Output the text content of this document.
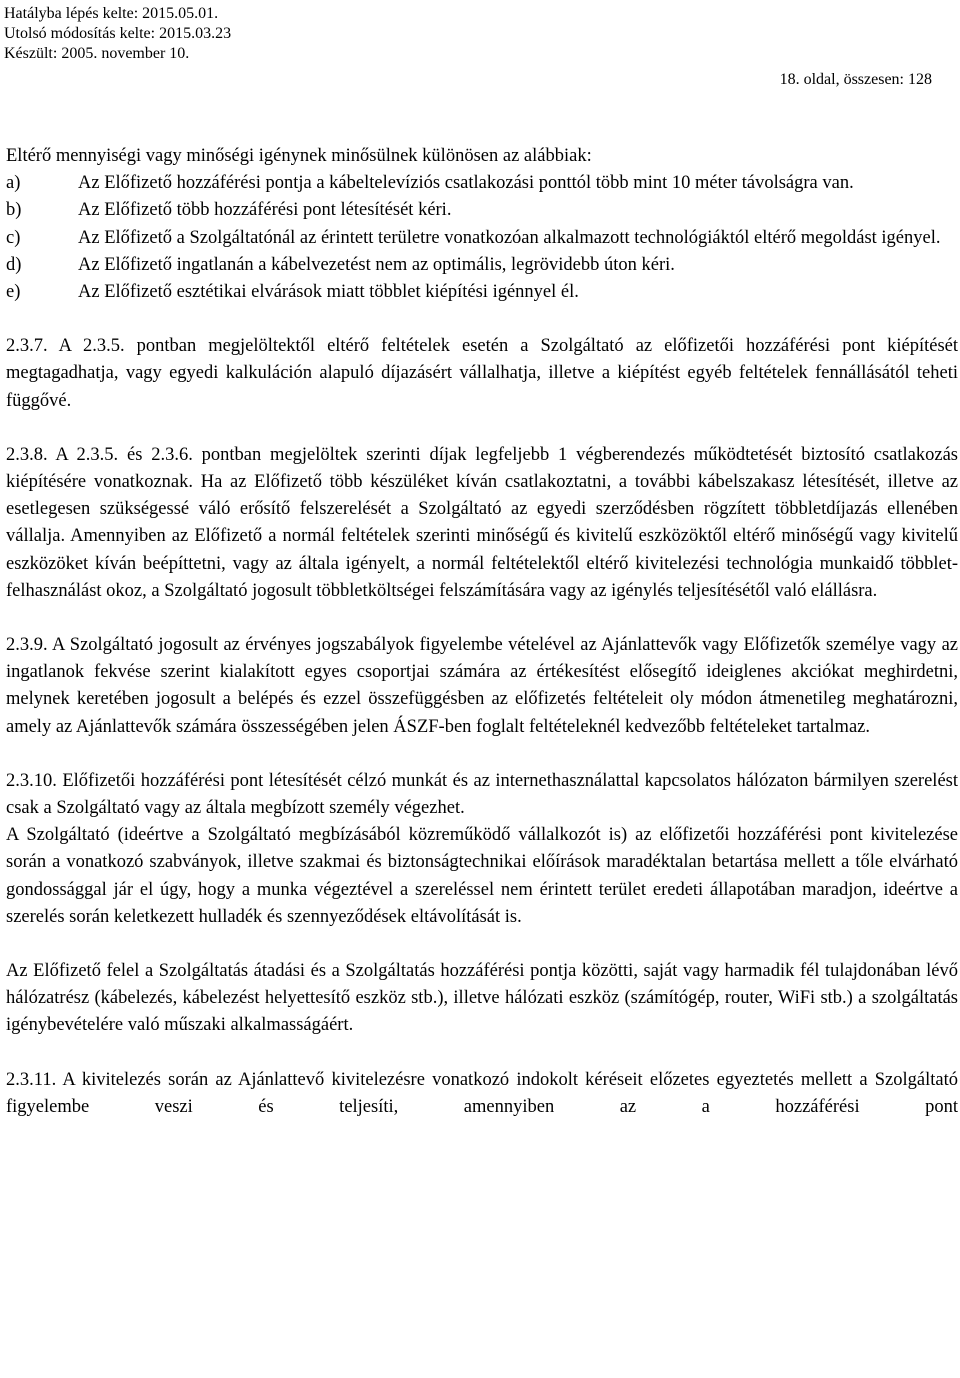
Hatályba lépés kelte: 2015.05.01.
Utolsó módosítás kelte: 2015.03.23
Készült: 2005. november 10.
18. oldal, összesen: 128

Eltérő mennyiségi vagy minőségi igénynek minősülnek különösen az alábbiak:

a)	Az Előfizető hozzáférési pontja a kábeltelevíziós csatlakozási ponttól több mint 10 méter távolságra van.
b)	Az Előfizető több hozzáférési pont létesítését kéri.
c)	Az Előfizető a Szolgáltatónál az érintett területre vonatkozóan alkalmazott technológiáktól eltérő megoldást igényel.
d)	Az Előfizető ingatlanán a kábelvezetést nem az optimális, legrövidebb úton kéri.
e)	Az Előfizető esztétikai elvárások miatt többlet kiépítési igénnyel él.

2.3.7. A 2.3.5. pontban megjelöltektől eltérő feltételek esetén a Szolgáltató az előfizetői hozzáférési pont kiépítését megtagadhatja, vagy egyedi kalkuláción alapuló díjazásért vállalhatja, illetve a kiépítést egyéb feltételek fennállásától teheti függővé.

2.3.8. A 2.3.5. és 2.3.6. pontban megjelöltek szerinti díjak legfeljebb 1 végberendezés működtetését biztosító csatlakozás kiépítésére vonatkoznak. Ha az Előfizető több készüléket kíván csatlakoztatni, a további kábelszakasz létesítését, illetve az esetlegesen szükségessé váló erősítő felszerelését a Szolgáltató az egyedi szerződésben rögzített többletdíjazás ellenében vállalja. Amennyiben az Előfizető a normál feltételek szerinti minőségű és kivitelű eszközöktől eltérő minőségű vagy kivitelű eszközöket kíván beépíttetni, vagy az általa igényelt, a normál feltételektől eltérő kivitelezési technológia munkaidő többlet-felhasználást okoz, a Szolgáltató jogosult többletköltségei felszámítására vagy az igénylés teljesítésétől való elállásra.

2.3.9. A Szolgáltató jogosult az érvényes jogszabályok figyelembe vételével az Ajánlattevők vagy Előfizetők személye vagy az ingatlanok fekvése szerint kialakított egyes csoportjai számára az értékesítést elősegítő ideiglenes akciókat meghirdetni, melynek keretében jogosult a belépés és ezzel összefüggésben az előfizetés feltételeit oly módon átmenetileg meghatározni, amely az Ajánlattevők számára összességében jelen ÁSZF-ben foglalt feltételeknél kedvezőbb feltételeket tartalmaz.

2.3.10. Előfizetői hozzáférési pont létesítését célzó munkát és az internethasználattal kapcsolatos hálózaton bármilyen szerelést csak a Szolgáltató vagy az általa megbízott személy végezhet.

A Szolgáltató (ideértve a Szolgáltató megbízásából közreműködő vállalkozót is) az előfizetői hozzáférési pont kivitelezése során a vonatkozó szabványok, illetve szakmai és biztonságtechnikai előírások maradéktalan betartása mellett a tőle elvárható gondossággal jár el úgy, hogy a munka végeztével a szereléssel nem érintett terület eredeti állapotában maradjon, ideértve a szerelés során keletkezett hulladék és szennyeződések eltávolítását is.

Az Előfizető felel a Szolgáltatás átadási és a Szolgáltatás hozzáférési pontja közötti, saját vagy harmadik fél tulajdonában lévő hálózatrész (kábelezés, kábelezést helyettesítő eszköz stb.), illetve hálózati eszköz (számítógép, router, WiFi stb.) a szolgáltatás igénybevételére való műszaki alkalmasságáért.

2.3.11. A kivitelezés során az Ajánlattevő kivitelezésre vonatkozó indokolt kéréseit előzetes egyeztetés mellett a Szolgáltató figyelembe veszi és teljesíti, amennyiben az a hozzáférési pont
